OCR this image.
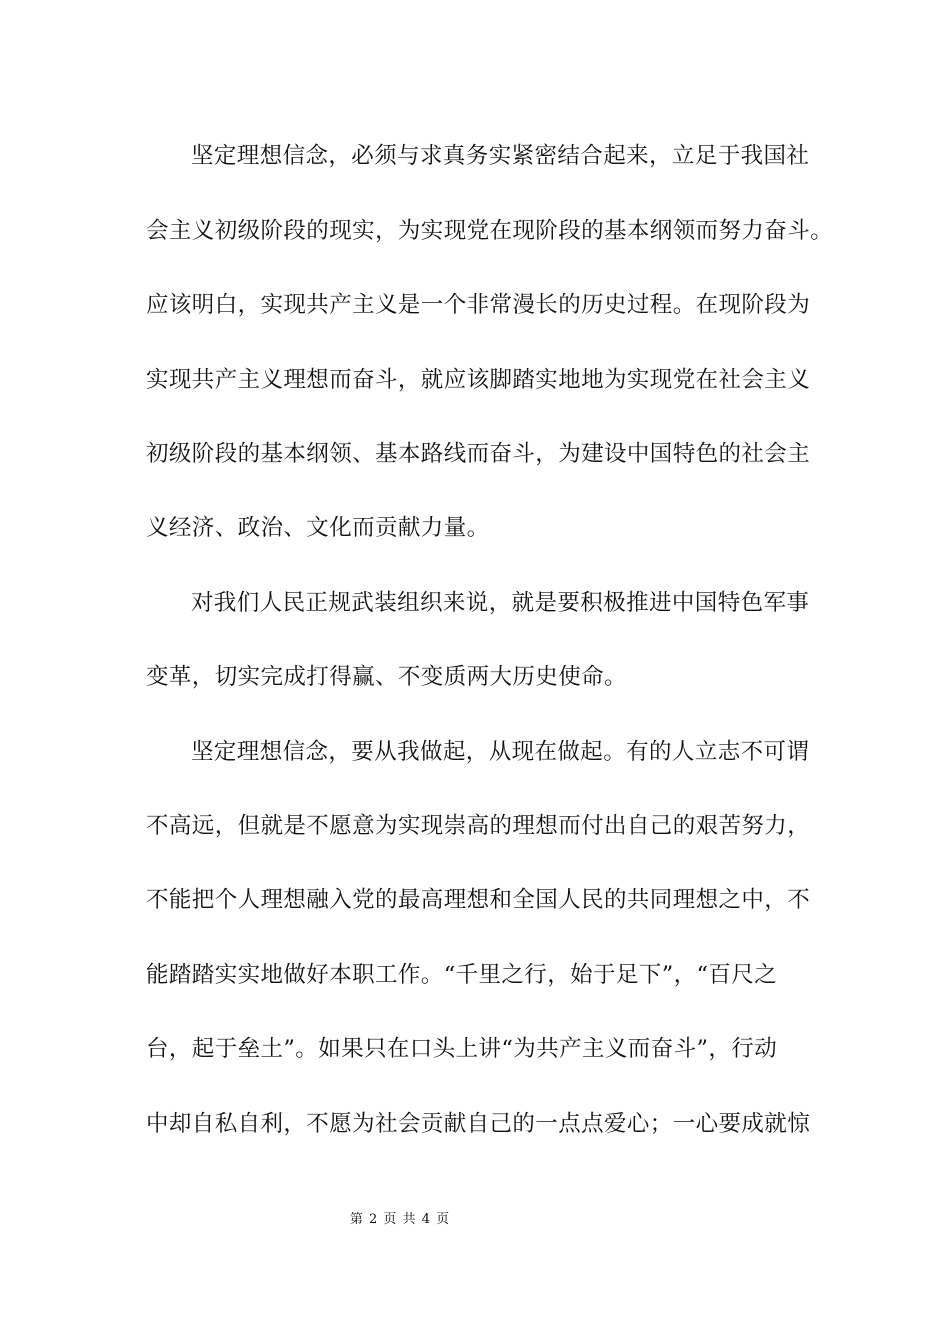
坚定理想信念，必须与求真务实紧密结合起来，立足于我国社
会主义初级阶段的现实，为实现党在现阶段的基本纲领而努力奋斗。
应该明白，实现共产主义是一个非常漫长的历史过程。在现阶段为
实现共产主义理想而奋斗，就应该脚踏实地地为实现党在社会主义
初级阶段的基本纲领、基本路线而奋斗，为建设中国特色的社会主
义经济、政治、文化而贡献力量。
对我们人民正规武装组织来说，就是要积极推进中国特色军事
变革，切实完成打得赢、不变质两大历史使命。
坚定理想信念，要从我做起，从现在做起。有的人立志不可谓
不高远，但就是不愿意为实现崇高的理想而付出自己的艰苦努力，
不能把个人理想融入党的最高理想和全国人民的共同理想之中，不
能踏踏实实地做好本职工作。“千里之行，始于足下”，“百尺之
台，起于垒土”。如果只在口头上讲“为共产主义而奋斗”，行动
中却自私自利，不愿为社会贡献自己的一点点爱心；一心要成就惊
第 2 页 共 4 页
